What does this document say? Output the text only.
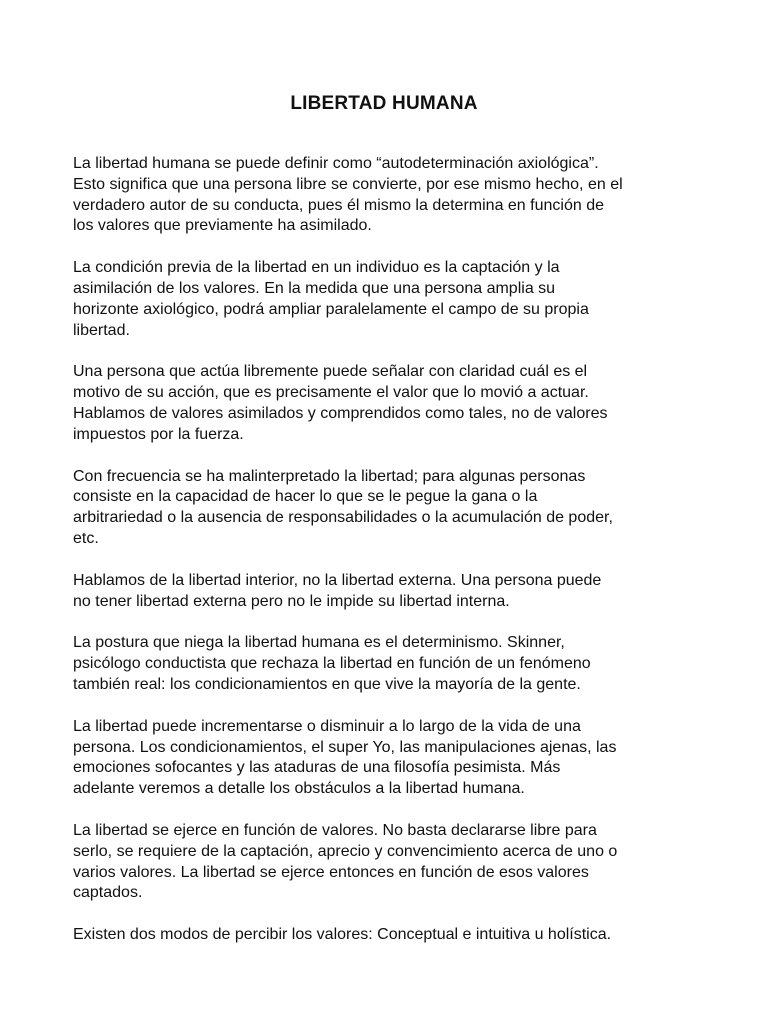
LIBERTAD HUMANA

La libertad humana se puede definir como “autodeterminación axiológica”.
Esto significa que una persona libre se convierte, por ese mismo hecho, en el
verdadero autor de su conducta, pues él mismo la determina en función de
los valores que previamente ha asimilado.

La condición previa de la libertad en un individuo es la captación y la
asimilación de los valores. En la medida que una persona amplia su
horizonte axiológico, podrá ampliar paralelamente el campo de su propia
libertad.

Una persona que actúa libremente puede señalar con claridad cuál es el
motivo de su acción, que es precisamente el valor que lo movió a actuar.
Hablamos de valores asimilados y comprendidos como tales, no de valores
impuestos por la fuerza.

Con frecuencia se ha malinterpretado la libertad; para algunas personas
consiste en la capacidad de hacer lo que se le pegue la gana o la
arbitrariedad o la ausencia de responsabilidades o la acumulación de poder,
etc.

Hablamos de la libertad interior, no la libertad externa. Una persona puede
no tener libertad externa pero no le impide su libertad interna.

La postura que niega la libertad humana es el determinismo. Skinner,
psicólogo conductista que rechaza la libertad en función de un fenómeno
también real: los condicionamientos en que vive la mayoría de la gente.

La libertad puede incrementarse o disminuir a lo largo de la vida de una
persona. Los condicionamientos, el super Yo, las manipulaciones ajenas, las
emociones sofocantes y las ataduras de una filosofía pesimista. Más
adelante veremos a detalle los obstáculos a la libertad humana.

La libertad se ejerce en función de valores. No basta declararse libre para
serlo, se requiere de la captación, aprecio y convencimiento acerca de uno o
varios valores. La libertad se ejerce entonces en función de esos valores
captados.

Existen dos modos de percibir los valores: Conceptual e intuitiva u holística.
